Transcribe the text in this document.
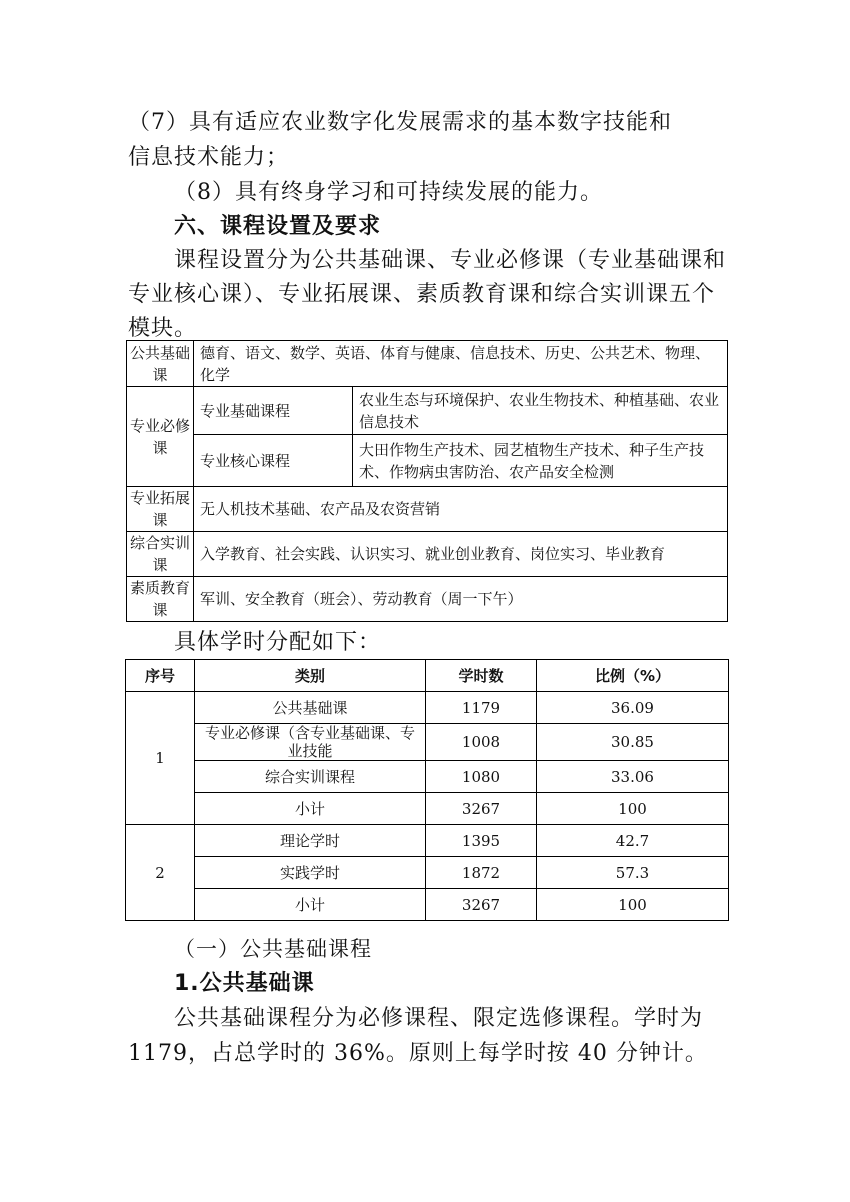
（7）具有适应农业数字化发展需求的基本数字技能和
信息技术能力；
（8）具有终身学习和可持续发展的能力。
六、课程设置及要求
课程设置分为公共基础课、专业必修课（专业基础课和
专业核心课）、专业拓展课、素质教育课和综合实训课五个
模块。
公共基础课	德育、语文、数学、英语、体育与健康、信息技术、历史、公共艺术、物理、化学	
专业必修课	专业基础课程	农业生态与环境保护、农业生物技术、种植基础、农业信息技术
	专业核心课程	大田作物生产技术、园艺植物生产技术、种子生产技术、作物病虫害防治、农产品安全检测
专业拓展课	无人机技术基础、农产品及农资营销	
综合实训课	入学教育、社会实践、认识实习、就业创业教育、岗位实习、毕业教育	
素质教育课	军训、安全教育（班会）、劳动教育（周一下午）	
具体学时分配如下：
序号	类别	学时数	比例（%）
1	公共基础课	1179	36.09
	专业必修课（含专业基础课、专业技能	1008	30.85
	综合实训课程	1080	33.06
	小计	3267	100
2	理论学时	1395	42.7
	实践学时	1872	57.3
	小计	3267	100
（一）公共基础课程
1.公共基础课
公共基础课程分为必修课程、限定选修课程。学时为
1179，占总学时的 36%。原则上每学时按 40 分钟计。
